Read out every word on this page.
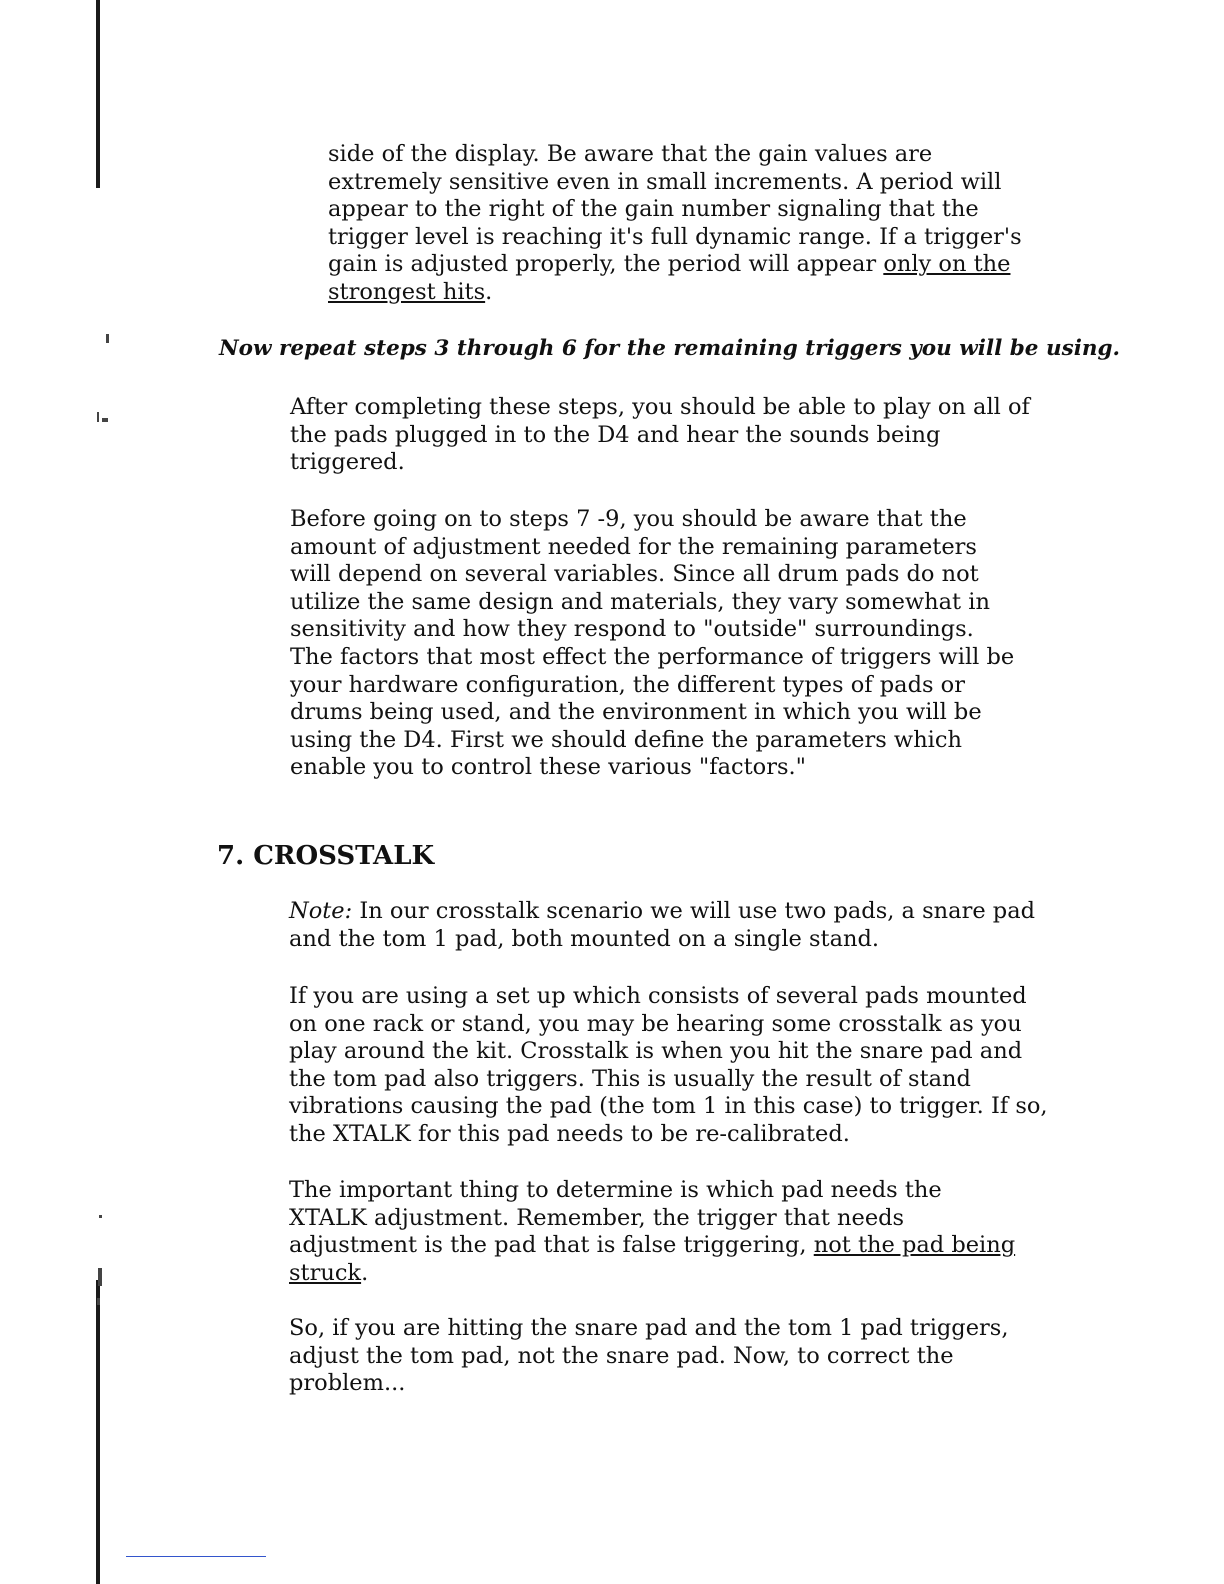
side of the display. Be aware that the gain values are
extremely sensitive even in small increments. A period will
appear to the right of the gain number signaling that the
trigger level is reaching it's full dynamic range. If a trigger's
gain is adjusted properly, the period will appear only on the
strongest hits.

Now repeat steps 3 through 6 for the remaining triggers you will be using.

After completing these steps, you should be able to play on all of
the pads plugged in to the D4 and hear the sounds being
triggered.

Before going on to steps 7 -9, you should be aware that the
amount of adjustment needed for the remaining parameters
will depend on several variables. Since all drum pads do not
utilize the same design and materials, they vary somewhat in
sensitivity and how they respond to "outside" surroundings.
The factors that most effect the performance of triggers will be
your hardware configuration, the different types of pads or
drums being used, and the environment in which you will be
using the D4. First we should define the parameters which
enable you to control these various "factors."

7. CROSSTALK

Note: In our crosstalk scenario we will use two pads, a snare pad
and the tom 1 pad, both mounted on a single stand.

If you are using a set up which consists of several pads mounted
on one rack or stand, you may be hearing some crosstalk as you
play around the kit. Crosstalk is when you hit the snare pad and
the tom pad also triggers. This is usually the result of stand
vibrations causing the pad (the tom 1 in this case) to trigger. If so,
the XTALK for this pad needs to be re-calibrated.

The important thing to determine is which pad needs the
XTALK adjustment. Remember, the trigger that needs
adjustment is the pad that is false triggering, not the pad being
struck.

So, if you are hitting the snare pad and the tom 1 pad triggers,
adjust the tom pad, not the snare pad. Now, to correct the
problem...
